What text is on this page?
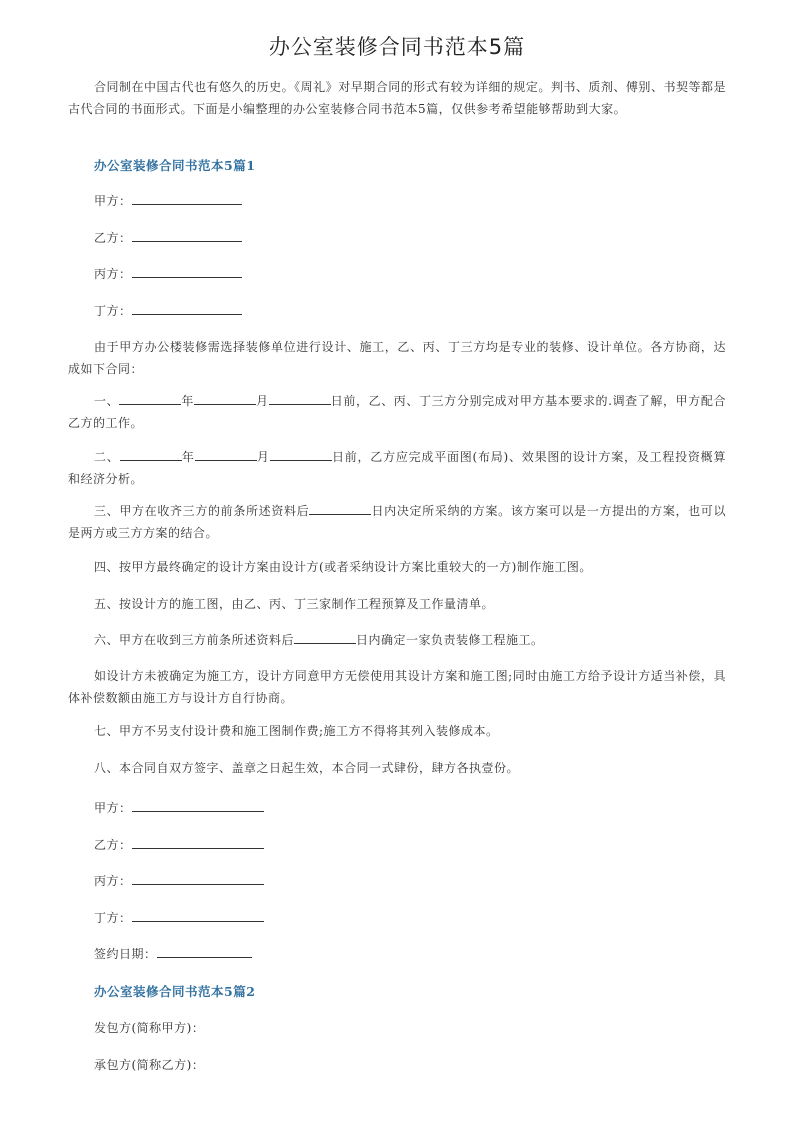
办公室装修合同书范本5篇
合同制在中国古代也有悠久的历史。《周礼》对早期合同的形式有较为详细的规定。判书、质剂、傅别、书契等都是古代合同的书面形式。下面是小编整理的办公室装修合同书范本5篇，仅供参考希望能够帮助到大家。
办公室装修合同书范本5篇1
甲方：
乙方：
丙方：
丁方：
由于甲方办公楼装修需选择装修单位进行设计、施工，乙、丙、丁三方均是专业的装修、设计单位。各方协商，达成如下合同：
一、	年	月	日前，乙、丙、丁三方分别完成对甲方基本要求的.调查了解，甲方配合乙方的工作。
二、	年	月	日前，乙方应完成平面图(布局)、效果图的设计方案，及工程投资概算和经济分析。
三、甲方在收齐三方的前条所述资料后	日内决定所采纳的方案。该方案可以是一方提出的方案，也可以是两方或三方方案的结合。
四、按甲方最终确定的设计方案由设计方(或者采纳设计方案比重较大的一方)制作施工图。
五、按设计方的施工图，由乙、丙、丁三家制作工程预算及工作量清单。
六、甲方在收到三方前条所述资料后	日内确定一家负责装修工程施工。
如设计方未被确定为施工方，设计方同意甲方无偿使用其设计方案和施工图;同时由施工方给予设计方适当补偿，具体补偿数额由施工方与设计方自行协商。
七、甲方不另支付设计费和施工图制作费;施工方不得将其列入装修成本。
八、本合同自双方签字、盖章之日起生效，本合同一式肆份，肆方各执壹份。
甲方：
乙方：
丙方：
丁方：
签约日期：
办公室装修合同书范本5篇2
发包方(简称甲方)：
承包方(简称乙方)：
